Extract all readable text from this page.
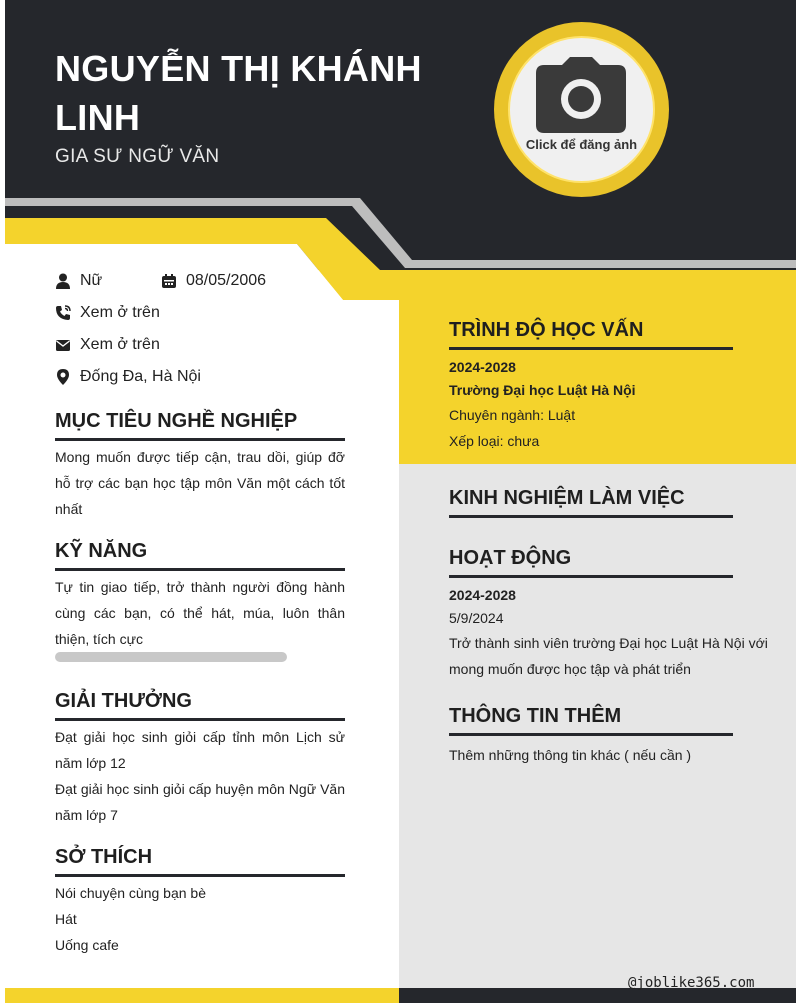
NGUYỄN THỊ KHÁNH LINH
GIA SƯ NGỮ VĂN
Click để đăng ảnh
Nữ	08/05/2006
Xem ở trên
Xem ở trên
Đống Đa, Hà Nội
MỤC TIÊU NGHỀ NGHIỆP
Mong muốn được tiếp cận, trau dồi, giúp đỡ hỗ trợ các bạn học tập môn Văn một cách tốt nhất
KỸ NĂNG
Tự tin giao tiếp, trở thành người đồng hành cùng các bạn, có thể hát, múa, luôn thân thiện, tích cực
GIẢI THƯỞNG
Đạt giải học sinh giỏi cấp tỉnh môn Lịch sử năm lớp 12
Đạt giải học sinh giỏi cấp huyện môn Ngữ Văn năm lớp 7
SỞ THÍCH
Nói chuyện cùng bạn bè
Hát
Uống cafe
TRÌNH ĐỘ HỌC VẤN
2024-2028
Trường Đại học Luật Hà Nội
Chuyên ngành: Luật
Xếp loại: chưa
KINH NGHIỆM LÀM VIỆC
HOẠT ĐỘNG
2024-2028
5/9/2024
Trở thành sinh viên trường Đại học Luật Hà Nội với mong muốn được học tập và phát triển
THÔNG TIN THÊM
Thêm những thông tin khác ( nếu cần )
@joblike365.com
